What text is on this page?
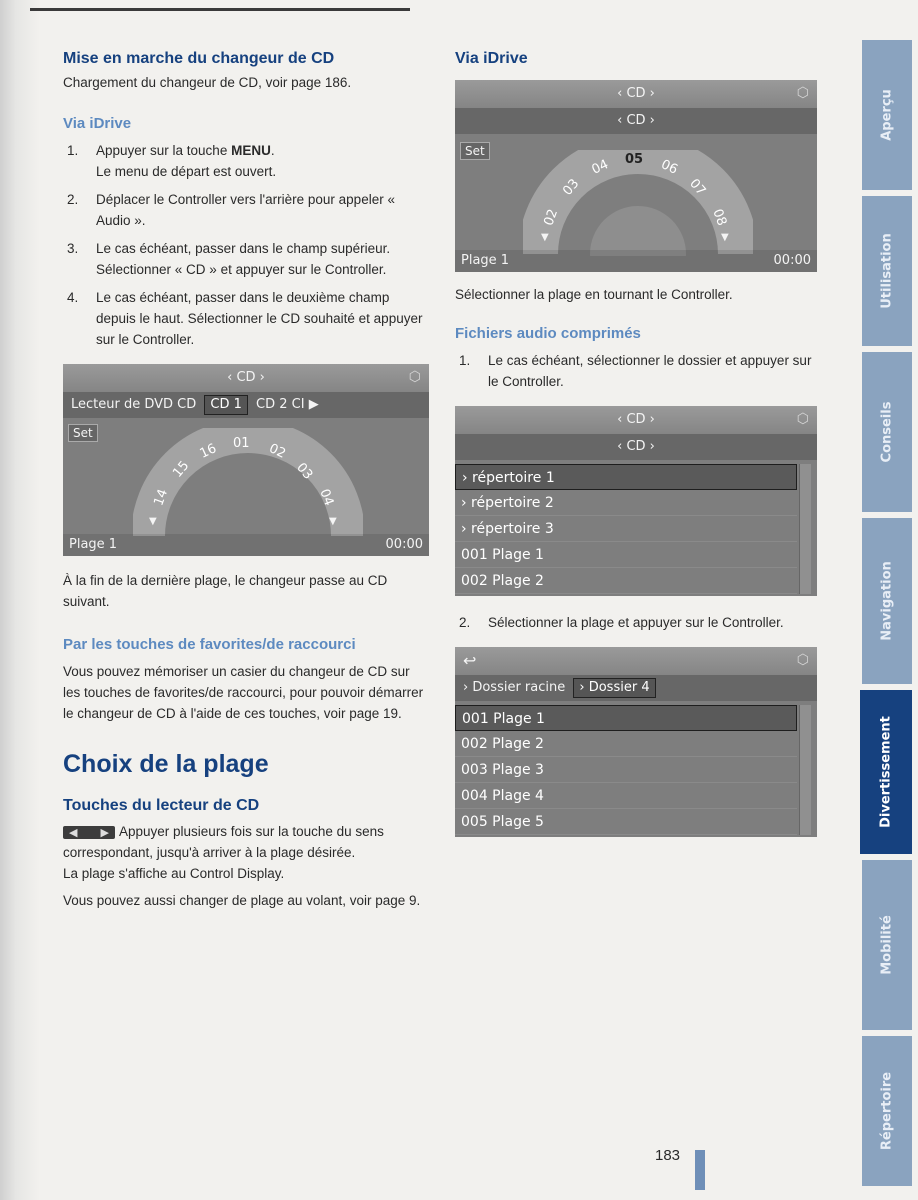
Mise en marche du changeur de CD

Chargement du changeur de CD, voir page 186.

Via iDrive
1. Appuyer sur la touche MENU.
Le menu de départ est ouvert.
2. Déplacer le Controller vers l'arrière pour appeler « Audio ».
3. Le cas échéant, passer dans le champ supérieur. Sélectionner « CD » et appuyer sur le Controller.
4. Le cas échéant, passer dans le deuxième champ depuis le haut. Sélectionner le CD souhaité et appuyer sur le Controller.
‹ CD ›	⬡
Lecteur de DVD CD CD 1 CD 2 CI ▶
Set
14
15
16 01 02
03
04
▼	▼
Plage 1	00:00

À la fin de la dernière plage, le changeur passe au CD suivant.

Par les touches de favorites/de raccourci

Vous pouvez mémoriser un casier du changeur de CD sur les touches de favorites/de raccourci, pour pouvoir démarrer le changeur de CD à l'aide de ces touches, voir page 19.

Choix de la plage
Touches du lecteur de CD

◀ ▶ Appuyer plusieurs fois sur la touche du sens correspondant, jusqu'à arriver à la plage désirée.

La plage s'affiche au Control Display.

Vous pouvez aussi changer de plage au volant, voir page 9.

Via iDrive
‹ CD ›	⬡
‹ CD ›
Set
02
03
04 05 06
07
08
▼	▼
Plage 1	00:00

Sélectionner la plage en tournant le Controller.

Fichiers audio comprimés
1. Le cas échéant, sélectionner le dossier et appuyer sur le Controller.
‹ CD ›	⬡
‹ CD ›
› répertoire 1
› répertoire 2
› répertoire 3
001 Plage 1
002 Plage 2
2. Sélectionner la plage et appuyer sur le Controller.
↩	⬡
› Dossier racine › Dossier 4
001 Plage 1
002 Plage 2
003 Plage 3
004 Plage 4
005 Plage 5
Aperçu
Utilisation
Conseils
Navigation
Divertissement
Mobilité
Répertoire
183
